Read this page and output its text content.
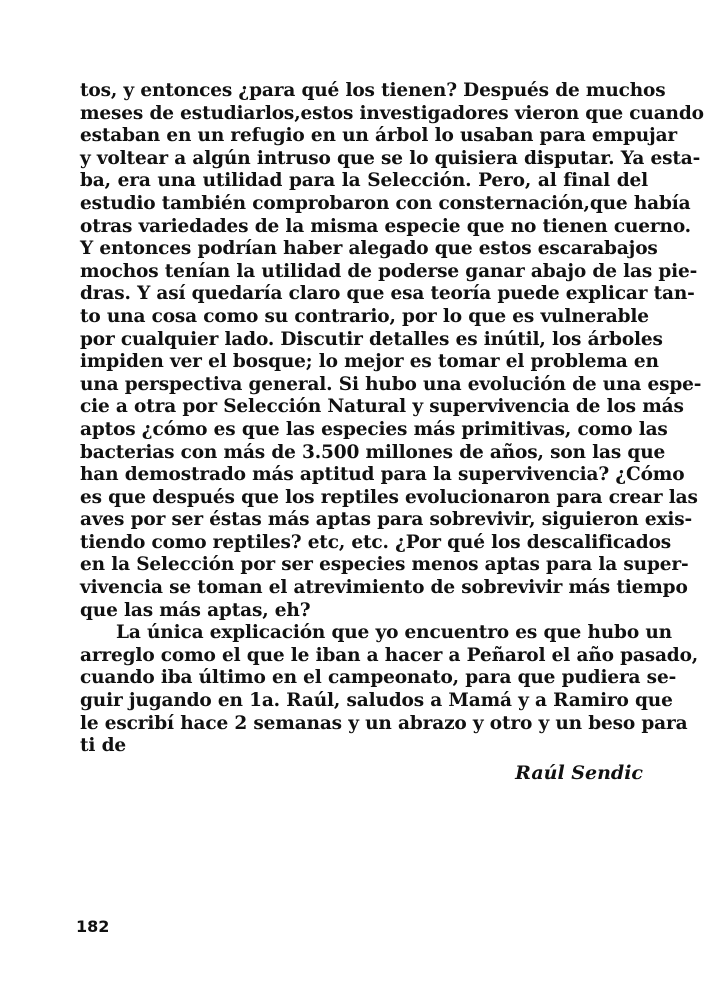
tos, y entonces ¿para qué los tienen? Después de muchos
meses de estudiarlos,estos investigadores vieron que cuando
estaban en un refugio en un árbol lo usaban para empujar
y voltear a algún intruso que se lo quisiera disputar. Ya esta-
ba, era una utilidad para la Selección. Pero, al final del
estudio también comprobaron con consternación,que había
otras variedades de la misma especie que no tienen cuerno.
Y entonces podrían haber alegado que estos escarabajos
mochos tenían la utilidad de poderse ganar abajo de las pie-
dras. Y así quedaría claro que esa teoría puede explicar tan-
to una cosa como su contrario, por lo que es vulnerable
por cualquier lado. Discutir detalles es inútil, los árboles
impiden ver el bosque; lo mejor es tomar el problema en
una perspectiva general. Si hubo una evolución de una espe-
cie a otra por Selección Natural y supervivencia de los más
aptos ¿cómo es que las especies más primitivas, como las
bacterias con más de 3.500 millones de años, son las que
han demostrado más aptitud para la supervivencia? ¿Cómo
es que después que los reptiles evolucionaron para crear las
aves por ser éstas más aptas para sobrevivir, siguieron exis-
tiendo como reptiles? etc, etc. ¿Por qué los descalificados
en la Selección por ser especies menos aptas para la super-
vivencia se toman el atrevimiento de sobrevivir más tiempo
que las más aptas, eh?
La única explicación que yo encuentro es que hubo un
arreglo como el que le iban a hacer a Peñarol el año pasado,
cuando iba último en el campeonato, para que pudiera se-
guir jugando en 1a. Raúl, saludos a Mamá y a Ramiro que
le escribí hace 2 semanas y un abrazo y otro y un beso para
ti de
Raúl Sendic
182
